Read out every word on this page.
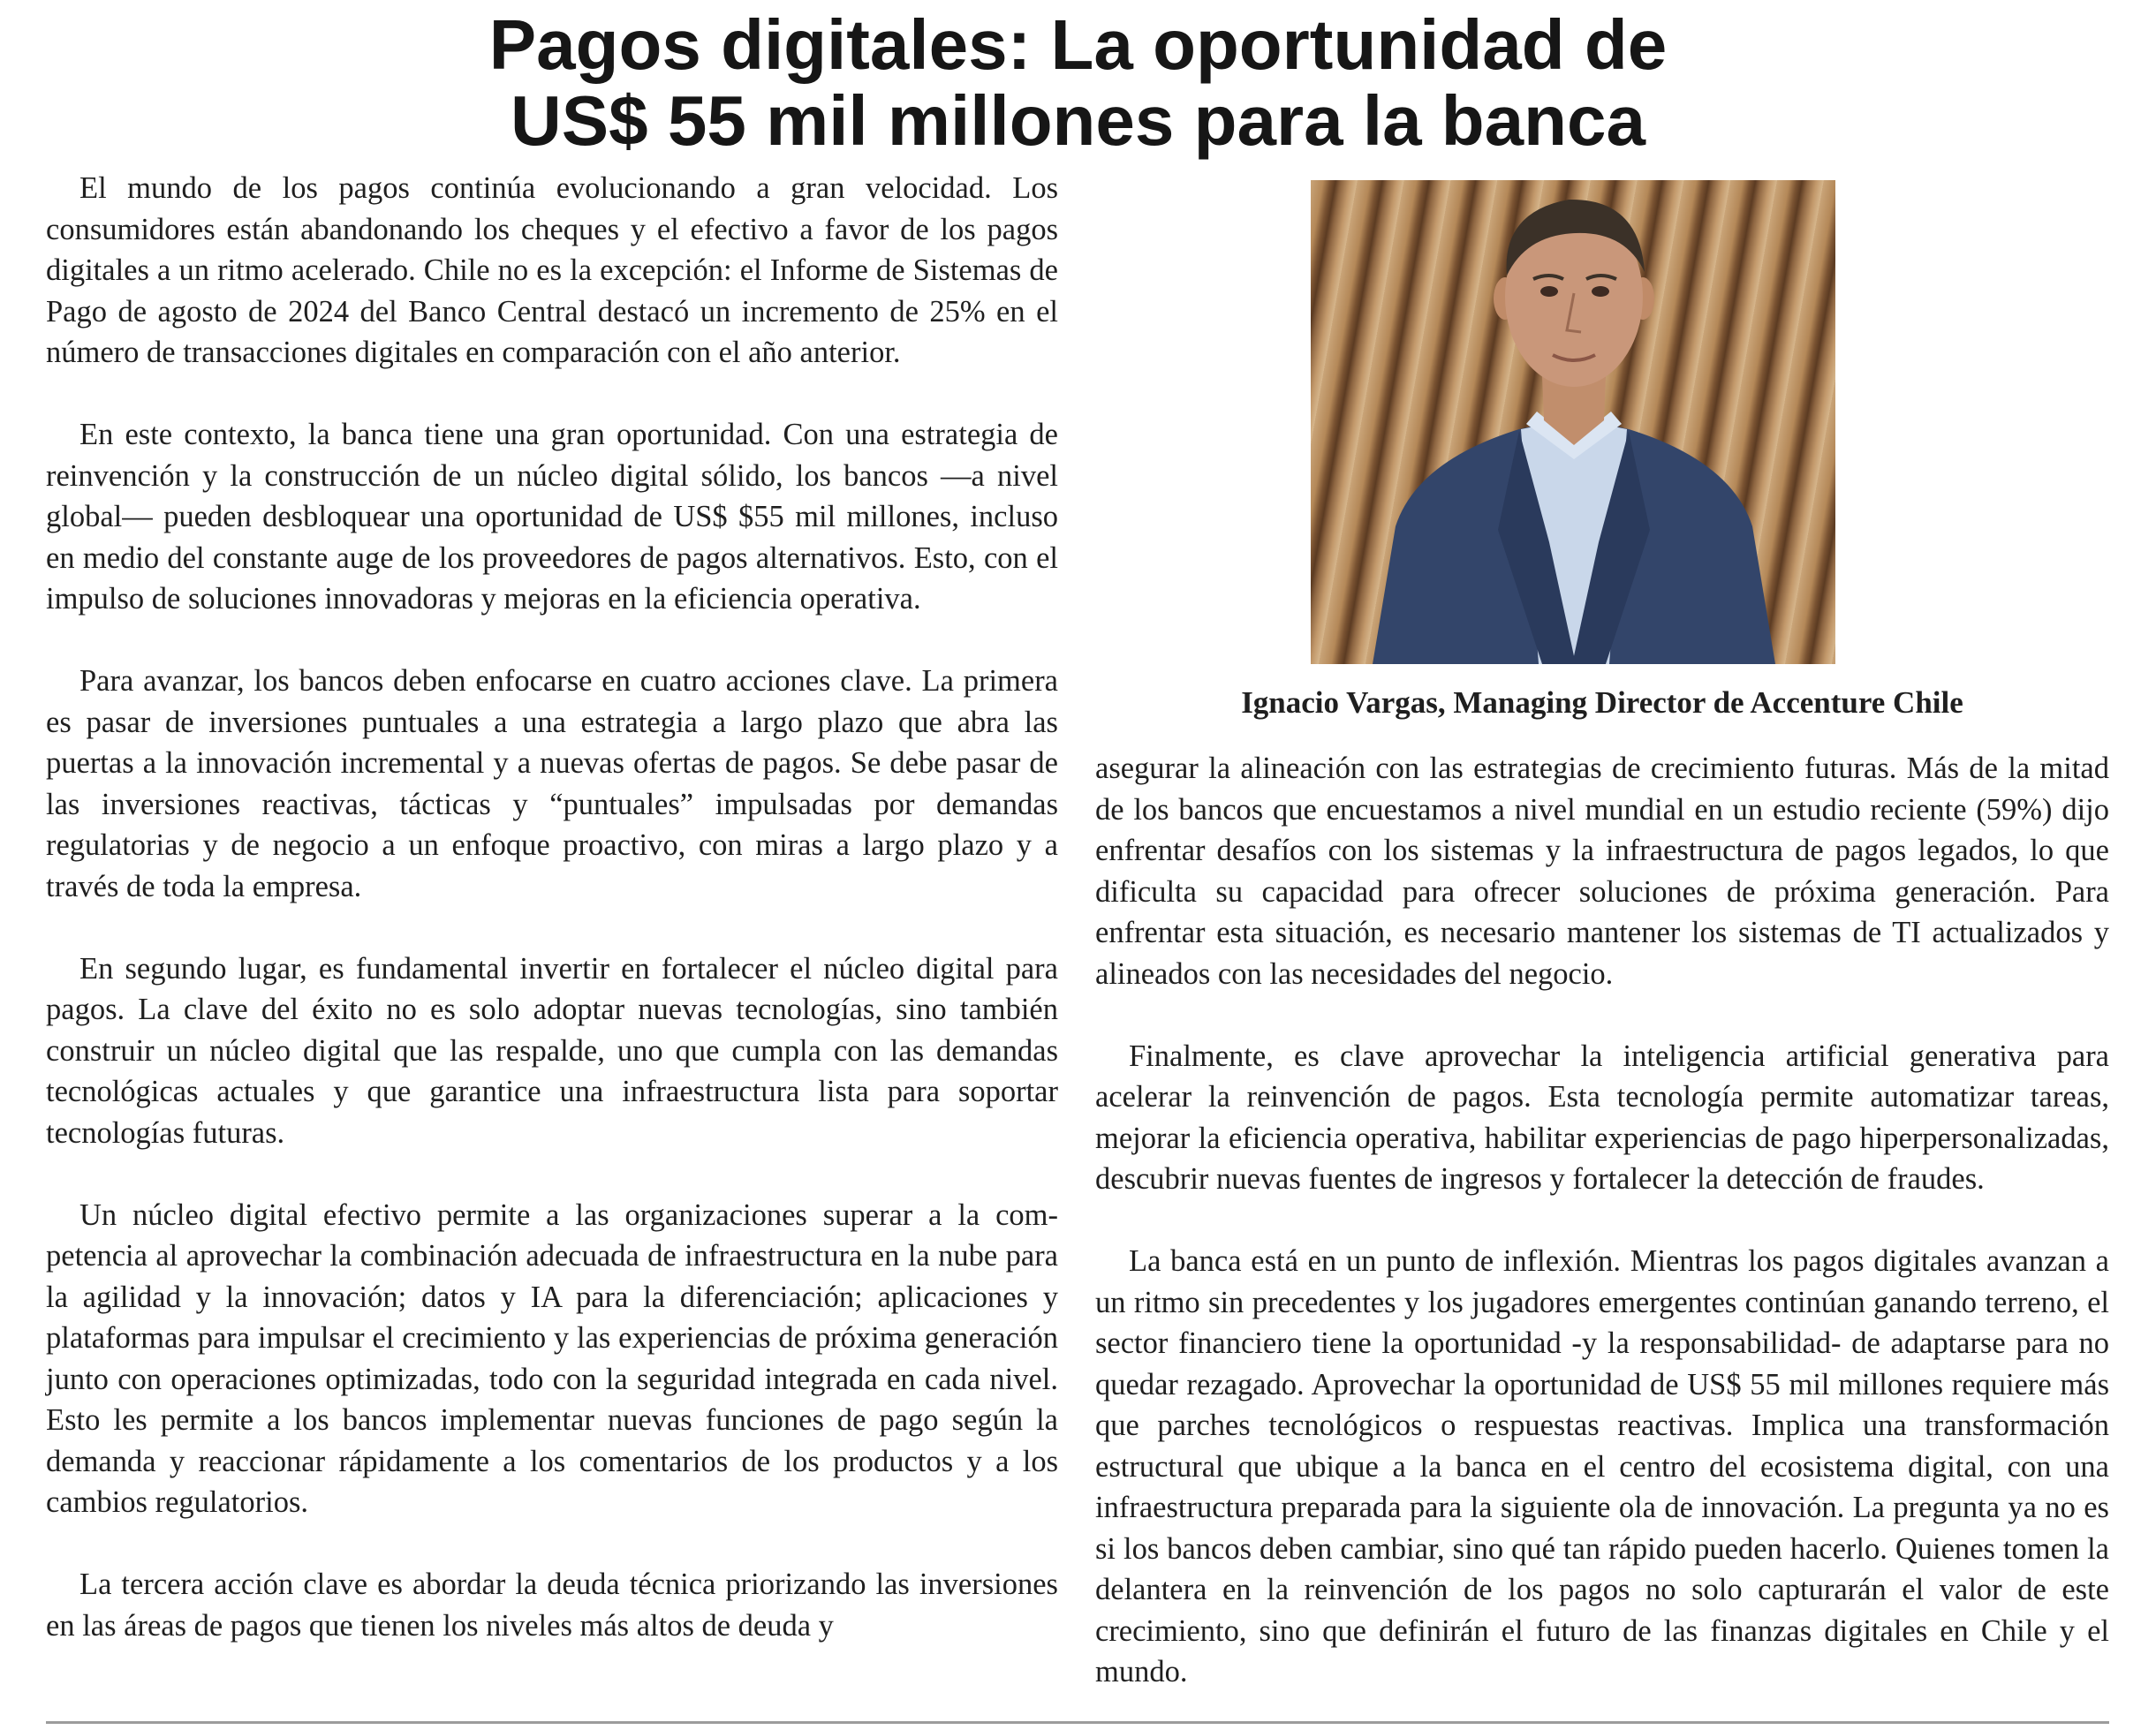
Pagos digitales: La oportunidad de
US$ 55 mil millones para la banca

El mundo de los pagos continúa evolucionando a gran velocidad. Los consumidores están abandonando los cheques y el efectivo a favor de los pagos digitales a un ritmo acelerado. Chile no es la excepción: el Informe de Sistemas de Pago de agosto de 2024 del Banco Central destacó un incremento de 25% en el número de transacciones digitales en comparación con el año anterior.

En este contexto, la banca tiene una gran oportunidad. Con una estrategia de reinvención y la construcción de un núcleo digital sólido, los bancos —a nivel global— pueden desbloquear una oportunidad de US$ $55 mil millones, incluso en medio del constante auge de los proveedores de pagos alternativos. Esto, con el impulso de soluciones innovadoras y mejoras en la eficiencia operativa.

Para avanzar, los bancos deben enfocarse en cuatro acciones clave. La primera es pasar de inversiones puntuales a una estrategia a largo plazo que abra las puertas a la innovación incremental y a nuevas ofertas de pagos. Se debe pasar de las inversiones reactivas, tácticas y “puntuales” impulsadas por demandas regulatorias y de negocio a un enfoque proactivo, con miras a largo plazo y a través de toda la empresa.

En segundo lugar, es fundamental invertir en fortalecer el núcleo digital para pagos. La clave del éxito no es solo adoptar nuevas tecnologías, sino también construir un núcleo digital que las respalde, uno que cumpla con las demandas tecnológicas actuales y que garantice una infraestructura lista para soportar tecnologías futuras.

Un núcleo digital efectivo permite a las organizaciones superar a la competencia al aprovechar la combinación adecuada de infraestructura en la nube para la agilidad y la innovación; datos y IA para la diferenciación; aplicaciones y plataformas para impulsar el crecimiento y las experiencias de próxima generación junto con operaciones optimizadas, todo con la seguridad integrada en cada nivel. Esto les permite a los bancos implementar nuevas funciones de pago según la demanda y reaccionar rápidamente a los comentarios de los productos y a los cambios regulatorios.

La tercera acción clave es abordar la deuda técnica priorizando las inversiones en las áreas de pagos que tienen los niveles más altos de deuda y

Ignacio Vargas, Managing Director de Accenture Chile

asegurar la alineación con las estrategias de crecimiento futuras. Más de la mitad de los bancos que encuestamos a nivel mundial en un estudio reciente (59%) dijo enfrentar desafíos con los sistemas y la infraestructura de pagos legados, lo que dificulta su capacidad para ofrecer soluciones de próxima generación. Para enfrentar esta situación, es necesario mantener los sistemas de TI actualizados y alineados con las necesidades del negocio.

Finalmente, es clave aprovechar la inteligencia artificial generativa para acelerar la reinvención de pagos. Esta tecnología permite automatizar tareas, mejorar la eficiencia operativa, habilitar experiencias de pago hiperpersonalizadas, descubrir nuevas fuentes de ingresos y fortalecer la detección de fraudes.

La banca está en un punto de inflexión. Mientras los pagos digitales avanzan a un ritmo sin precedentes y los jugadores emergentes continúan ganando terreno, el sector financiero tiene la oportunidad -y la responsabilidad- de adaptarse para no quedar rezagado. Aprovechar la oportunidad de US$ 55 mil millones requiere más que parches tecnológicos o respuestas reactivas. Implica una transformación estructural que ubique a la banca en el centro del ecosistema digital, con una infraestructura preparada para la siguiente ola de innovación. La pregunta ya no es si los bancos deben cambiar, sino qué tan rápido pueden hacerlo. Quienes tomen la delantera en la reinvención de los pagos no solo capturarán el valor de este crecimiento, sino que definirán el futuro de las finanzas digitales en Chile y el mundo.
